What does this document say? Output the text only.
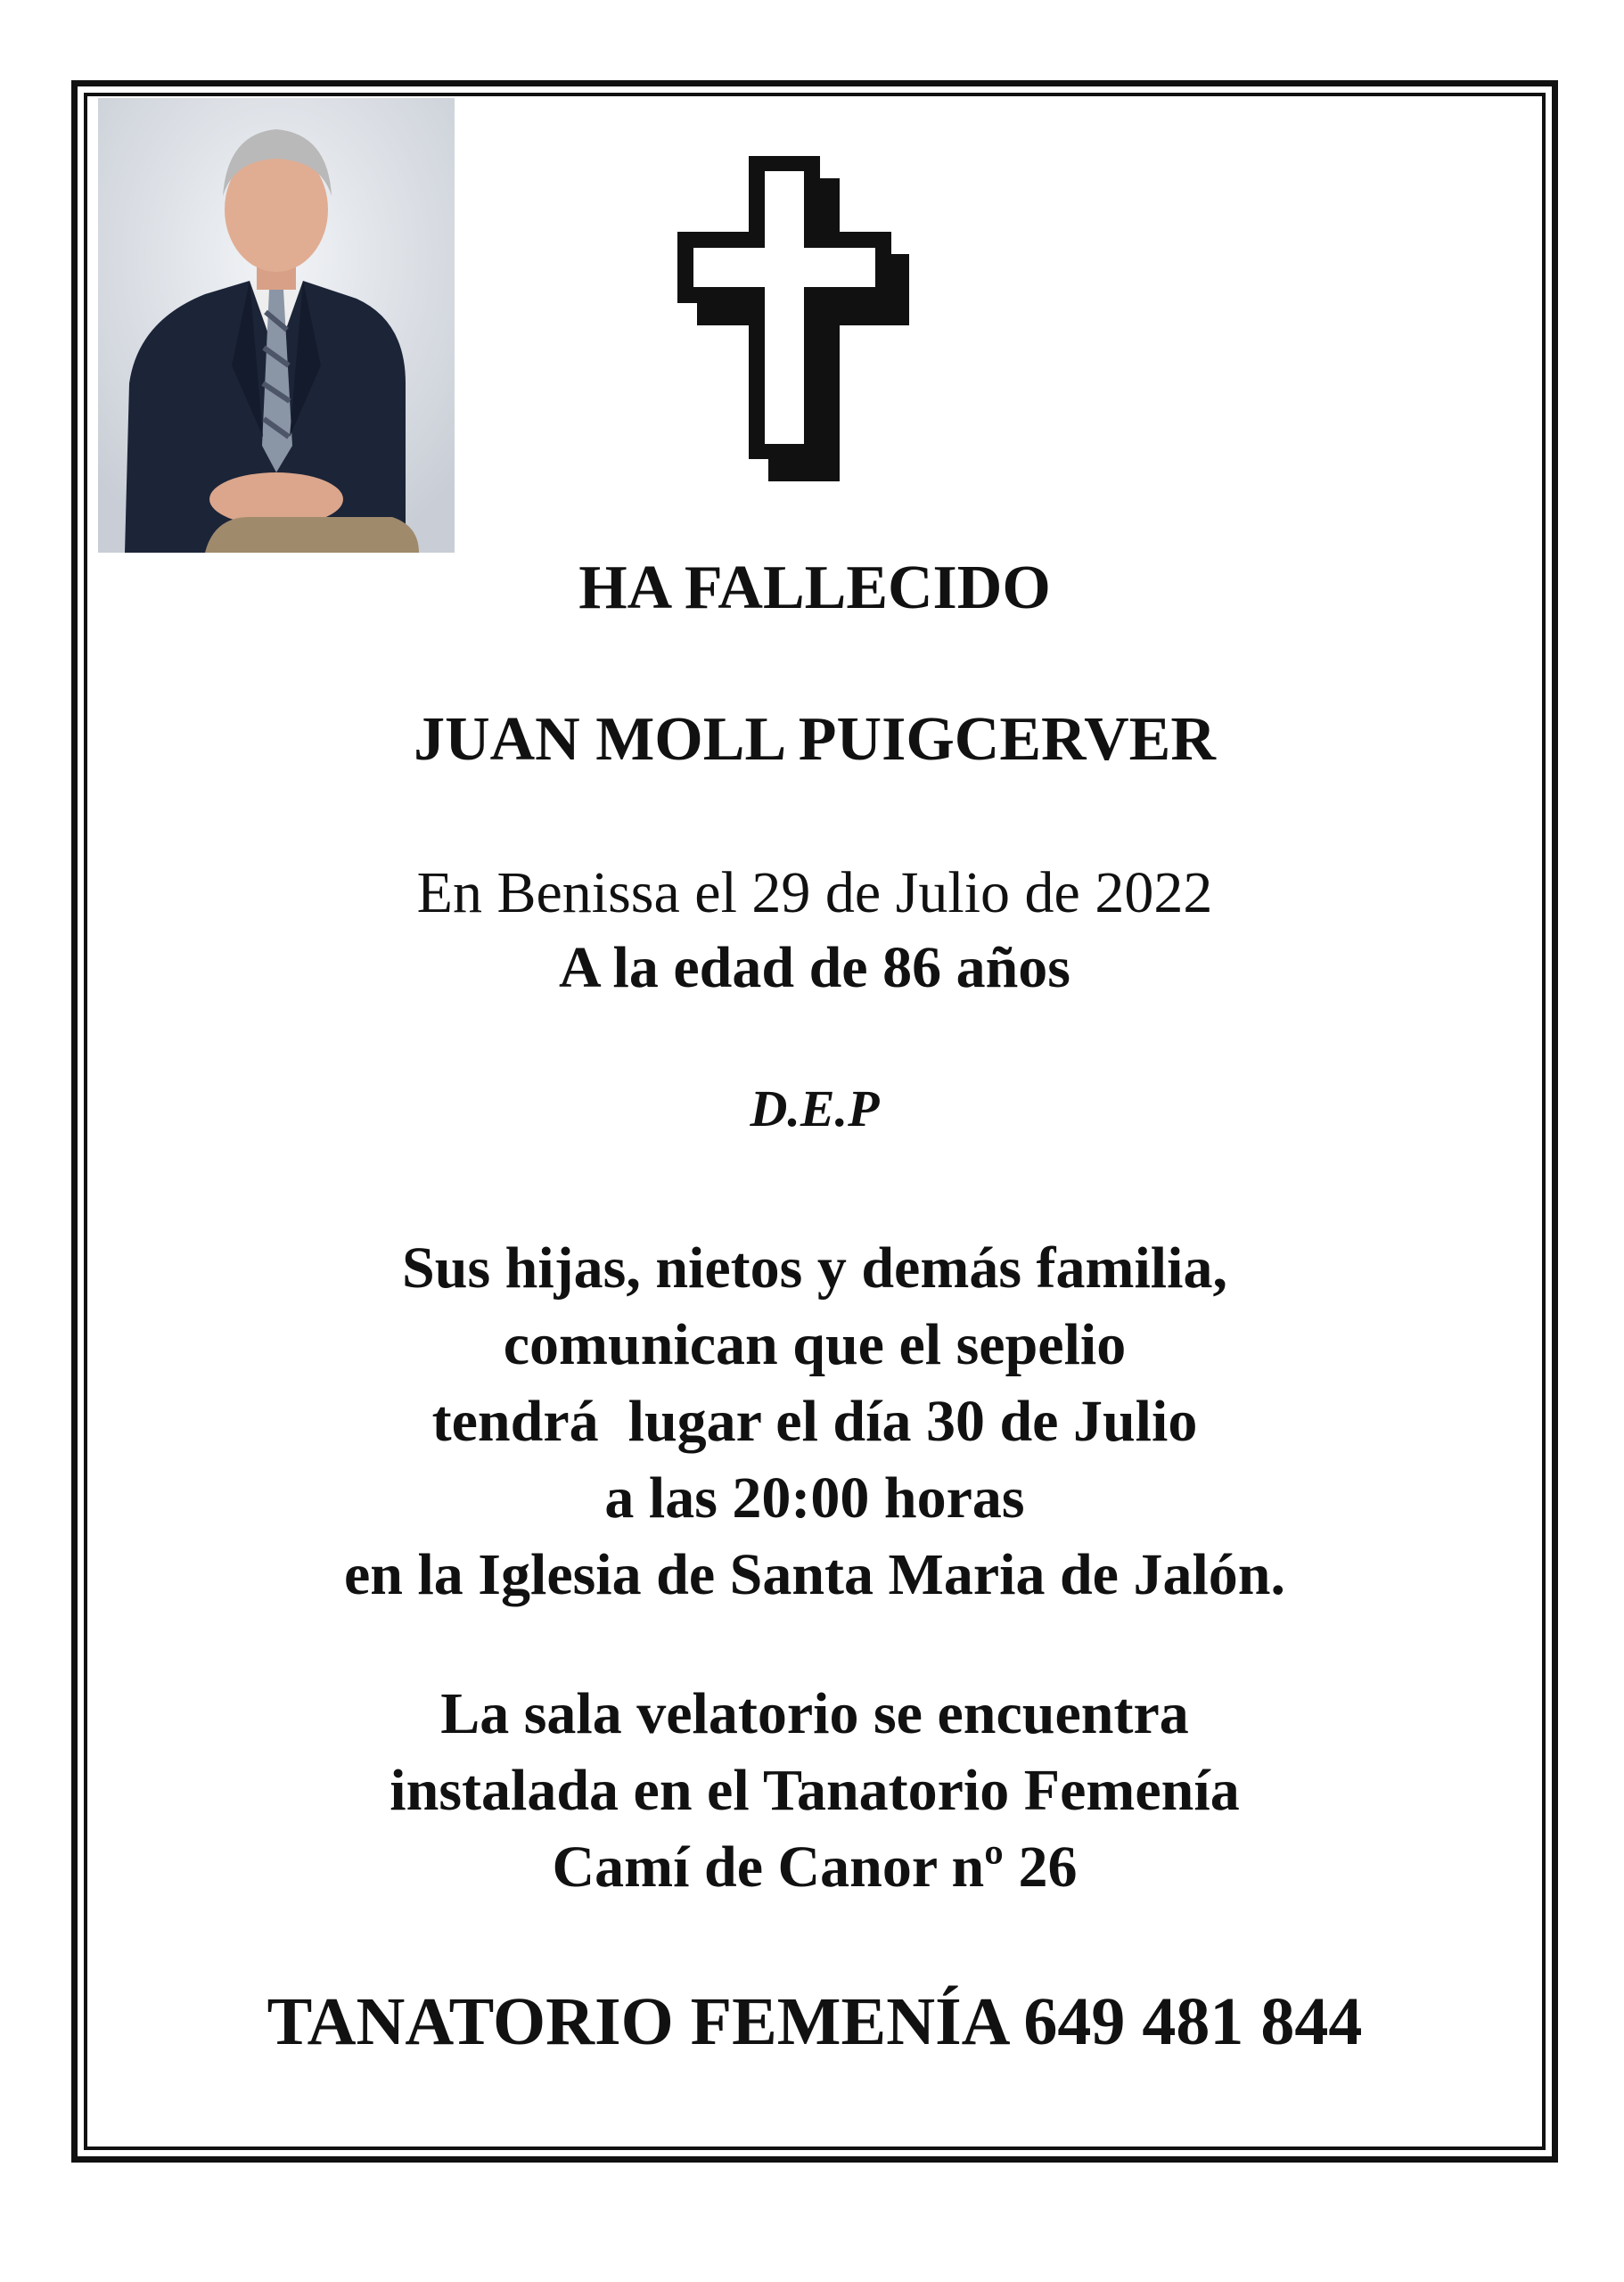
HA FALLECIDO
JUAN MOLL PUIGCERVER
En Benissa el 29 de Julio de 2022
A la edad de 86 años
D.E.P
Sus hijas, nietos y demás familia,
comunican que el sepelio
tendrá  lugar el día 30 de Julio
a las 20:00 horas
en la Iglesia de Santa Maria de Jalón.
La sala velatorio se encuentra
instalada en el Tanatorio Femenía
Camí de Canor nº 26
TANATORIO FEMENÍA 649 481 844
